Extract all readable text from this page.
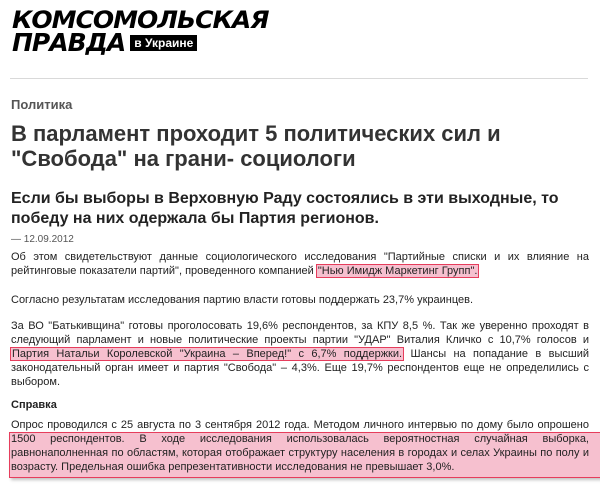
КОМСОМОЛЬСКАЯ
ПРАВДА в Украине
Политика
В парламент проходит 5 политических сил и "Свобода" на грани- социологи

Если бы выборы в Верховную Раду состоялись в эти выходные, то победу на них одержала бы Партия регионов.

— 12.09.2012

Об этом свидетельствуют данные социологического исследования "Партийные списки и их влияние на рейтинговые показатели партий", проведенного компанией "Нью Имидж Маркетинг Групп".

Согласно результатам исследования партию власти готовы поддержать 23,7% украинцев.

За ВО "Батькивщина" готовы проголосовать 19,6% респондентов, за КПУ 8,5 %. Так же уверенно проходят в следующий парламент и новые политические проекты партии "УДАР" Виталия Кличко с 10,7% голосов и Партия Натальи Королевской "Украина – Вперед!" с 6,7% поддержки. Шансы на попадание в высший законодательный орган имеет и партия "Свобода" – 4,3%. Еще 19,7% респондентов еще не определились с выбором.

Справка

Опрос проводился с 25 августа по 3 сентября 2012 года. Методом личного интервью по дому было опрошено 1500 респондентов. В ходе исследования использовалась вероятностная случайная выборка, равнонаполненная по областям, которая отображает структуру населения в городах и селах Украины по полу и возрасту. Предельная ошибка репрезентативности исследования не превышает 3,0%.
